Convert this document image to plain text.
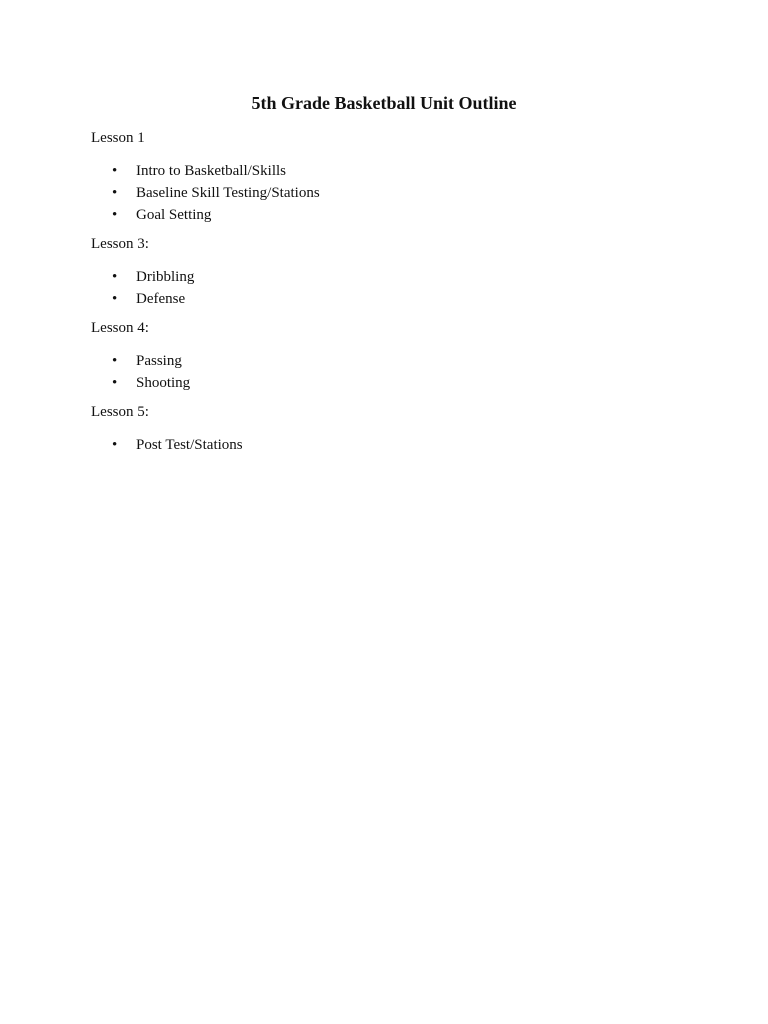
5th Grade Basketball Unit Outline
Lesson 1
• Intro to Basketball/Skills
• Baseline Skill Testing/Stations
• Goal Setting
Lesson 3:
• Dribbling
• Defense
Lesson 4:
• Passing
• Shooting
Lesson 5:
• Post Test/Stations
